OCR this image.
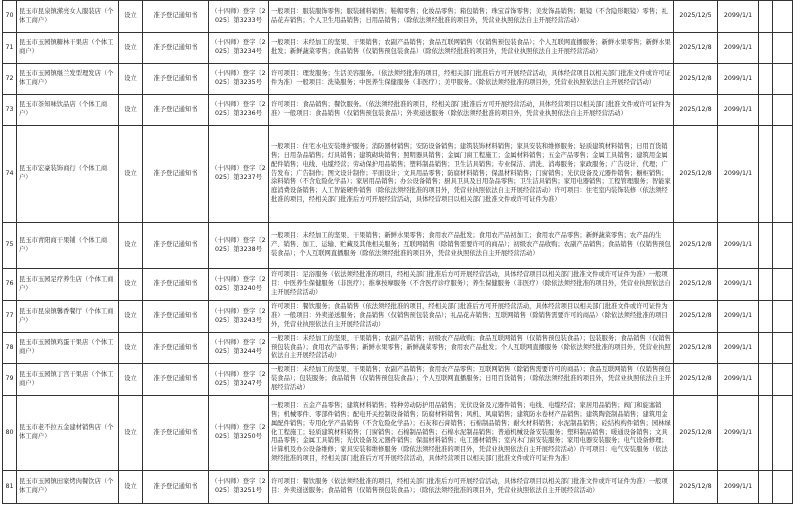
70	昆玉市昆泉镇潆亮女人服装店（个体工商户）	设立	准予登记通知书	（十四师）登字〔2025〕第3233号	一般项目：服装服饰零售；服装辅料销售；鞋帽零售；化妆品零售；箱包销售；珠宝首饰零售；美发饰品销售；眼镜（不含隐形眼镜）零售；礼品花卉销售；个人卫生用品销售；日用品销售；（除依法须经批准的项目外，凭营业执照依法自主开展经营活动）	2025/12/5	2099/1/1		
71	昆玉市玉园镇糖林干果店（个体工商户）	设立	准予登记通知书	（十四师）登字〔2025〕第3234号	一般项目：未经加工的坚果、干果销售；农副产品销售；食品互联网销售（仅销售预包装食品）；个人互联网直播服务；新鲜水果零售；新鲜水果批发；新鲜蔬菜零售；食品销售（仅销售预包装食品）（除依法须经批准的项目外，凭营业执照依法自主开展经营活动）	2025/12/8	2099/1/1		
72	昆玉市玉园镇继兰发型理发店（个体工商户）	设立	准予登记通知书	（十四师）登字〔2025〕第3235号	许可项目：理发服务；生活美容服务。（依法须经批准的项目，经相关部门批准后方可开展经营活动，具体经营项目以相关部门批准文件或许可证件为准）一般项目：洗染服务；中医养生保健服务（非医疗）；美甲服务。（除依法须经批准的项目外，凭营业执照依法自主开展经营活动）	2025/12/8	2099/1/1		
73	昆玉市茶知味饮品店（个体工商户）	设立	准予登记通知书	（十四师）登字〔2025〕第3236号	许可项目：食品销售；餐饮服务。（依法须经批准的项目，经相关部门批准后方可开展经营活动，具体经营项目以相关部门批准文件或许可证件为准）一般项目：食品销售（仅销售预包装食品）；外卖递送服务（除依法须经批准的项目外，凭营业执照依法自主开展经营活动）	2025/12/8	2099/1/1		
74	昆玉市宏豪装饰商行（个体工商户）	设立	准予登记通知书	（十四师）登字〔2025〕第3237号	一般项目：住宅水电安装维护服务；消防器材销售；安防设备销售；建筑装饰材料销售；家具安装和维修服务；轻质建筑材料销售；日用百货销售；日用杂品销售；灯具销售；建筑砌块销售；照明器具销售；金属门窗工程施工；金属材料销售；五金产品零售；金属工具销售；建筑用金属配件销售；电线、电缆经营；劳动保护用品销售；塑料制品销售；卫生洁具销售；专业保洁、清洗、消毒服务；家政服务；广告设计、代理；广告发布；广告制作；图文设计制作；平面设计；文具用品零售；防腐材料销售；保温材料销售；门窗销售；光伏设备及元器件销售；橱柜销售；涂料销售（不含危险化学品）；家居用品销售；办公设备销售；厨具卫具及日用杂品零售；卫生洁具销售；家用电器销售；工程管理服务；智能家庭消费设备销售；人工智能硬件销售（除依法须经批准的项目外，凭营业执照依法自主开展经营活动）许可项目：住宅室内装饰装修（依法须经批准的项目，经相关部门批准后方可开展经营活动，具体经营项目以相关部门批准文件或许可证件为准）	2025/12/8	2099/1/1		
75	昆玉市青阳商干果铺（个体工商户）	设立	准予登记通知书	（十四师）登字〔2025〕第3238号	一般项目：未经加工的坚果、干果销售；新鲜水果零售；食用农产品批发；食用农产品初加工；食用农产品零售；新鲜蔬菜零售；农产品的生产、销售、加工、运输、贮藏及其他相关服务；互联网销售（除销售需要许可的商品）；初级农产品收购；农副产品销售；食品销售（仅销售预包装食品）；个人互联网直播服务（除依法须经批准的项目外，凭营业执照依法自主开展经营活动）	2025/12/8	2099/1/1		
76	昆玉市玉园足疗养生店（个体工商户）	设立	准予登记通知书	（十四师）登字〔2025〕第3240号	许可项目：足浴服务（依法须经批准的项目，经相关部门批准后方可开展经营活动，具体经营项目以相关部门批准文件或许可证件为准）一般项目：中医养生保健服务（非医疗）；推拿按摩服务（不含医疗诊疗服务）；养生保健服务（非医疗）（除依法须经批准的项目外，凭营业执照依法自主开展经营活动）	2025/12/8	2099/1/1		
77	昆玉市昆泉镇馨香餐厅（个体工商户）	设立	准予登记通知书	（十四师）登字〔2025〕第3243号	许可项目：餐饮服务；食品销售（依法须经批准的项目，经相关部门批准后方可开展经营活动，具体经营项目以相关部门批准文件或许可证件为准）一般项目：外卖递送服务；食品销售（仅销售预包装食品）；礼品花卉销售；互联网销售（除销售需要许可的商品）（除依法须经批准的项目外，凭营业执照依法自主开展经营活动）	2025/12/8	2099/1/1		
78	昆玉市玉园镇鸡蛋干果店（个体工商户）	设立	准予登记通知书	（十四师）登字〔2025〕第3244号	一般项目：未经加工的坚果、干果销售；农副产品销售；初级农产品收购；食品互联网销售（仅销售预包装食品）；包装服务；食品销售（仅销售预包装食品）；食用农产品零售；新鲜水果零售；新鲜蔬菜零售；食用农产品批发；个人互联网直播服务（除依法须经批准的项目外，凭营业执照依法自主开展经营活动）	2025/12/8	2099/1/1		
79	昆玉市玉园镇丁宫干果店（个体工商户）	设立	准予登记通知书	（十四师）登字〔2025〕第3247号	一般项目：未经加工的坚果、干果销售；农副产品销售；食用农产品零售；互联网销售（除销售需要许可的商品）；食品互联网销售（仅销售预包装食品）；包装服务；食品销售（仅销售预包装食品）；个人互联网直播服务；日用百货销售；（除依法须经批准的项目外，凭营业执照依法自主开展经营活动）	2025/12/8	2099/1/1		
80	昆玉市老不拉五金建材销售店（个体工商户）	设立	准予登记通知书	（十四师）登字〔2025〕第3250号	一般项目：五金产品零售；建筑材料销售；特种劳动防护用品销售；光伏设备及元器件销售；电线、电缆经营；家居用品销售；阀门和旋塞销售；机械零件、零部件销售；配电开关控制设备销售；防腐材料销售；风机、风扇销售；建筑防水卷材产品销售；建筑陶瓷制品销售；建筑用金属配件销售；专用化学产品销售（不含危险化学品）；石灰和石膏销售；石棉制品销售；耐火材料销售；水泥制品销售；砼结构构件销售；园林绿化工程施工；轻质建筑材料销售；门窗销售；石棉制品销售；石棉水泥制品销售；普通机械设备安装服务；塑料制品销售；暖通设备销售；文具用品零售；金属工具销售；光伏设备及元器件销售；保温材料销售；电工器材销售；室内木门窗安装服务；家用电器安装服务；电气设备修理；计算机及办公设备维修；家具安装和维修服务（除依法须经批准的项目外，凭营业执照依法自主开展经营活动）许可项目：电气安装服务（依法须经批准的项目，经相关部门批准后方可开展经营活动，具体经营项目以相关部门批准文件或许可证件为准）	2025/12/8	2099/1/1		
81	昆玉市玉园镇田家烤肉餐饮店（个体工商户）	设立	准予登记通知书	（十四师）登字〔2025〕第3251号	许可项目：餐饮服务（依法须经批准的项目，经相关部门批准后方可开展经营活动，具体经营项目以相关部门批准文件或许可证件为准）一般项目：外卖递送服务；食品销售（仅销售预包装食品）；（除依法须经批准的项目外，凭营业执照依法自主开展经营活动）	2025/12/8	2099/1/1		
